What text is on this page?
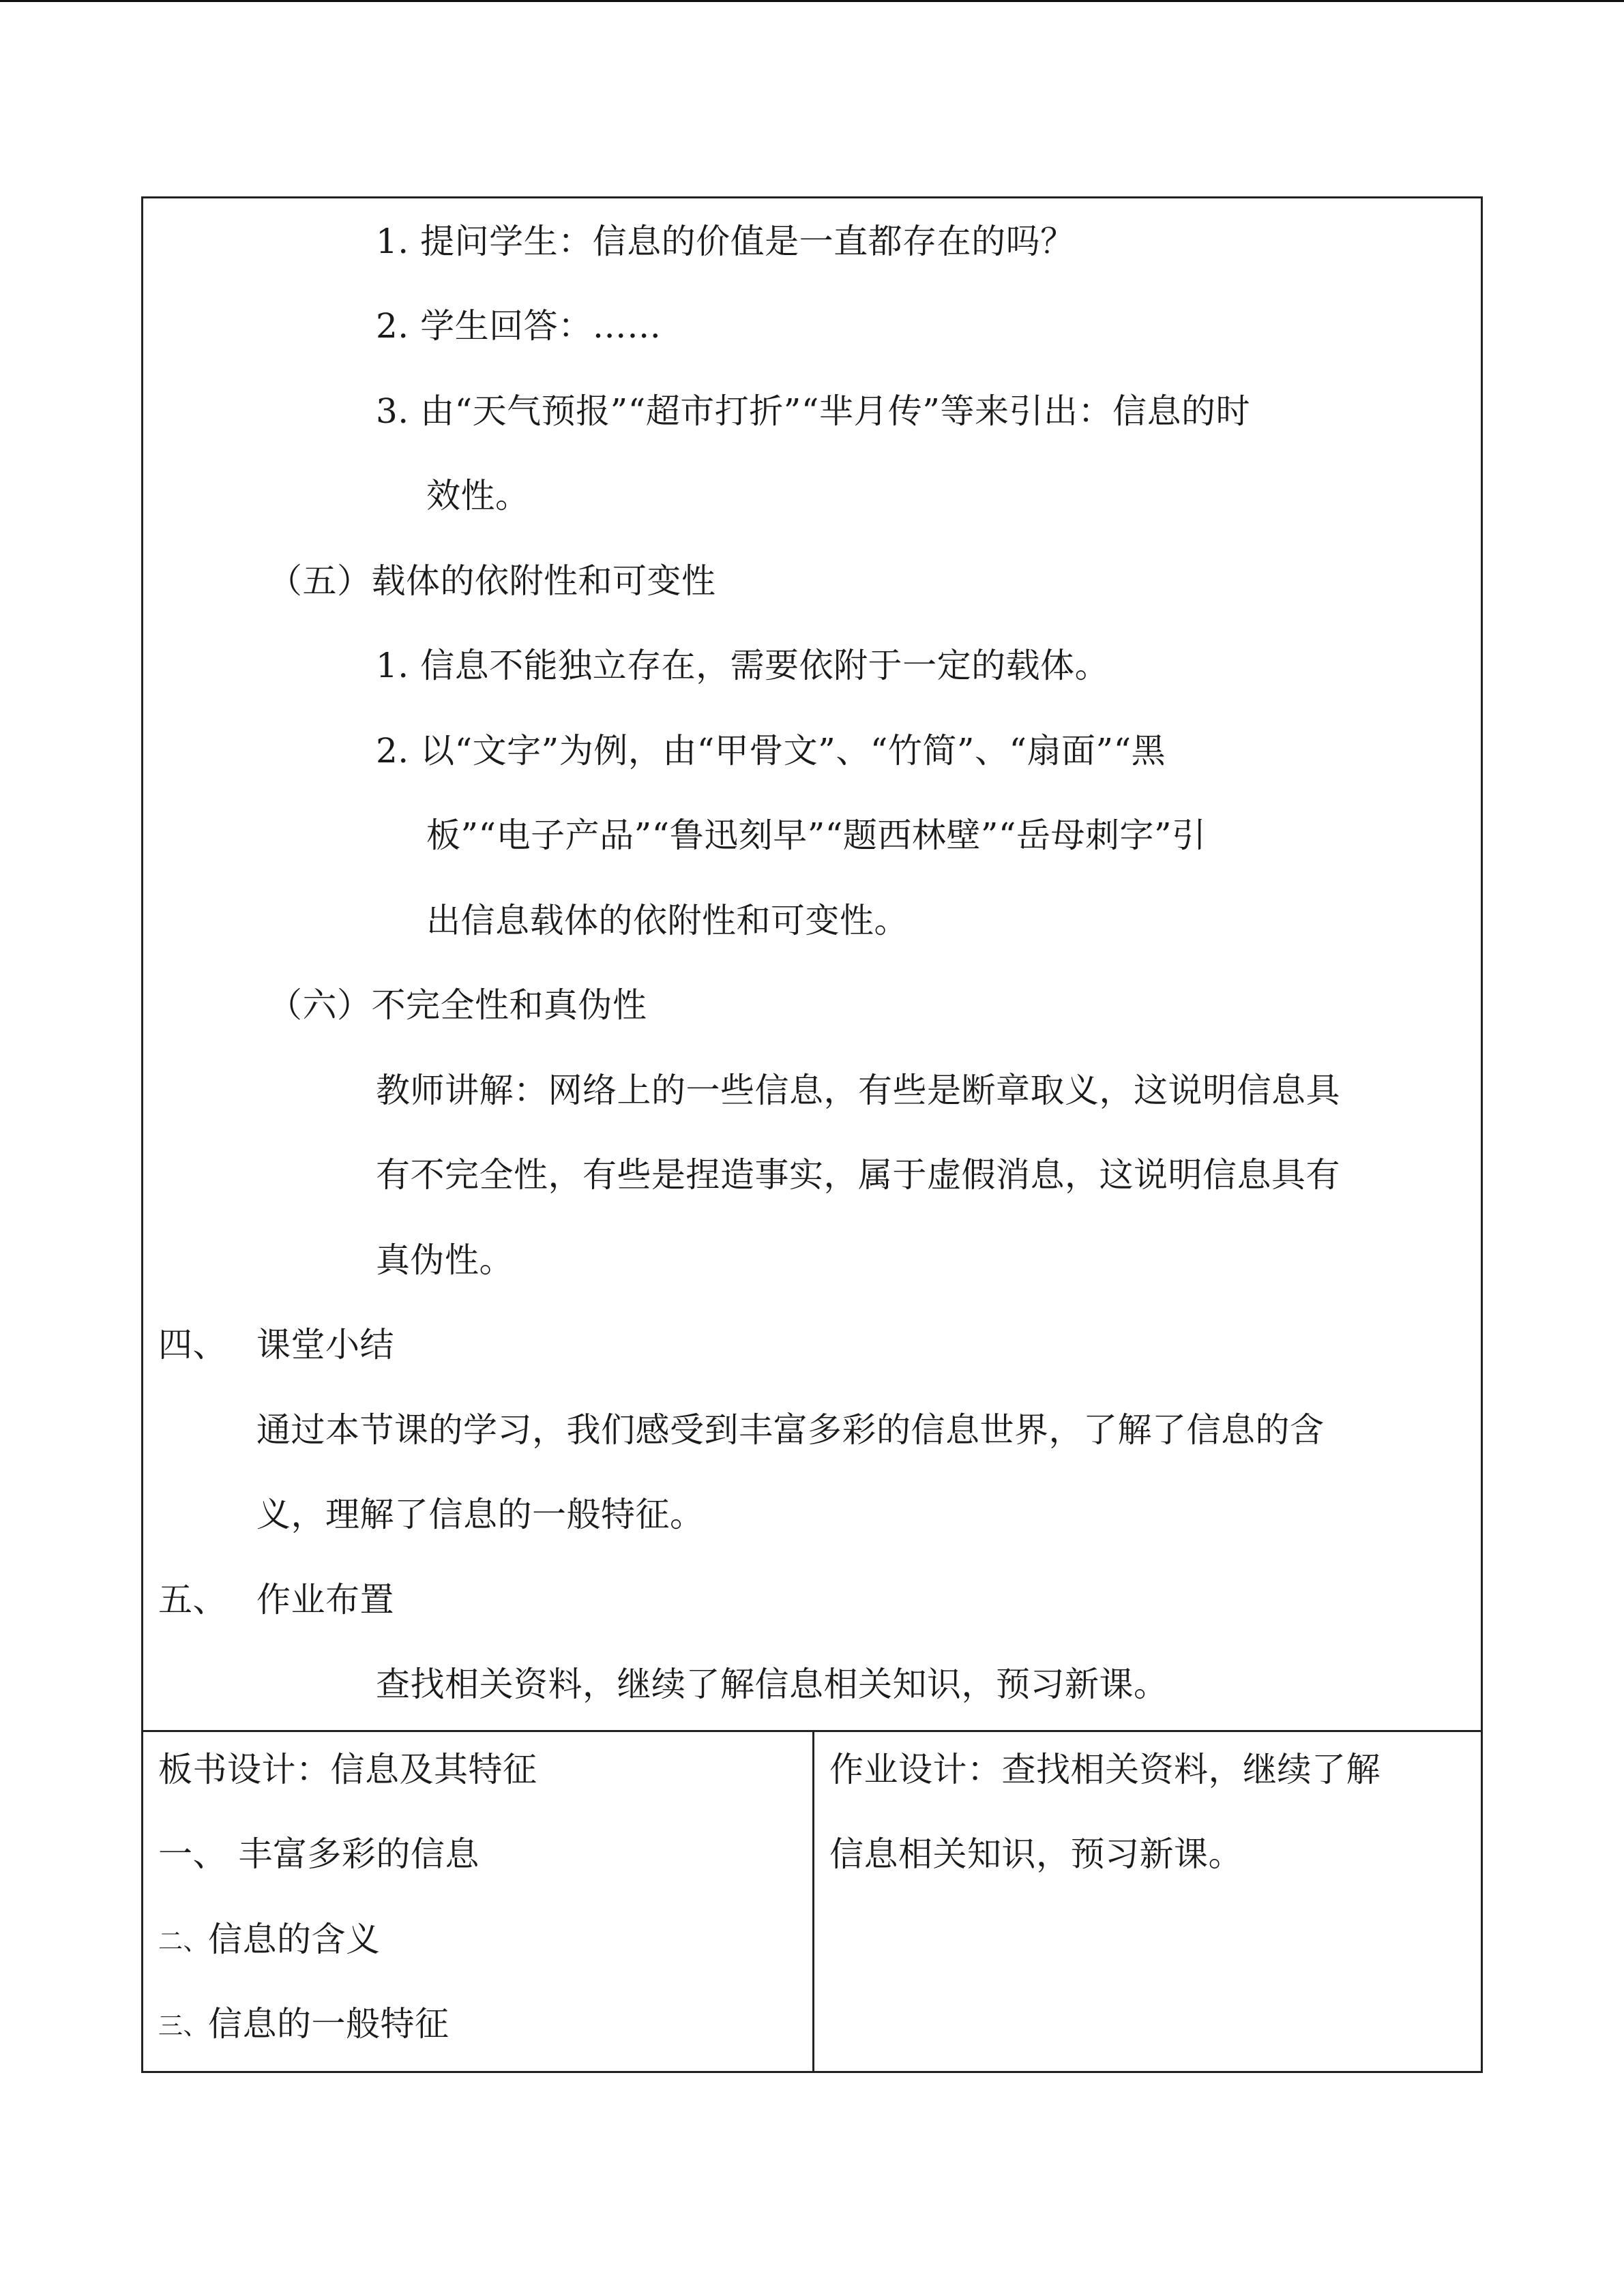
1. 提问学生：信息的价值是一直都存在的吗？
2. 学生回答：……
3. 由“天气预报”“超市打折”“芈月传”等来引出：信息的时
效性。
（五）载体的依附性和可变性
1. 信息不能独立存在，需要依附于一定的载体。
2. 以“文字”为例，由“甲骨文”、“竹简”、“扇面”“黑
板”“电子产品”“鲁迅刻早”“题西林壁”“岳母刺字”引
出信息载体的依附性和可变性。
（六）不完全性和真伪性
教师讲解：网络上的一些信息，有些是断章取义，这说明信息具
有不完全性，有些是捏造事实，属于虚假消息，这说明信息具有
真伪性。
四、 课堂小结
通过本节课的学习，我们感受到丰富多彩的信息世界，了解了信息的含
义，理解了信息的一般特征。
五、 作业布置
查找相关资料，继续了解信息相关知识，预习新课。
板书设计：信息及其特征
一、 丰富多彩的信息
二、信息的含义
三、信息的一般特征
作业设计：查找相关资料，继续了解
信息相关知识，预习新课。
